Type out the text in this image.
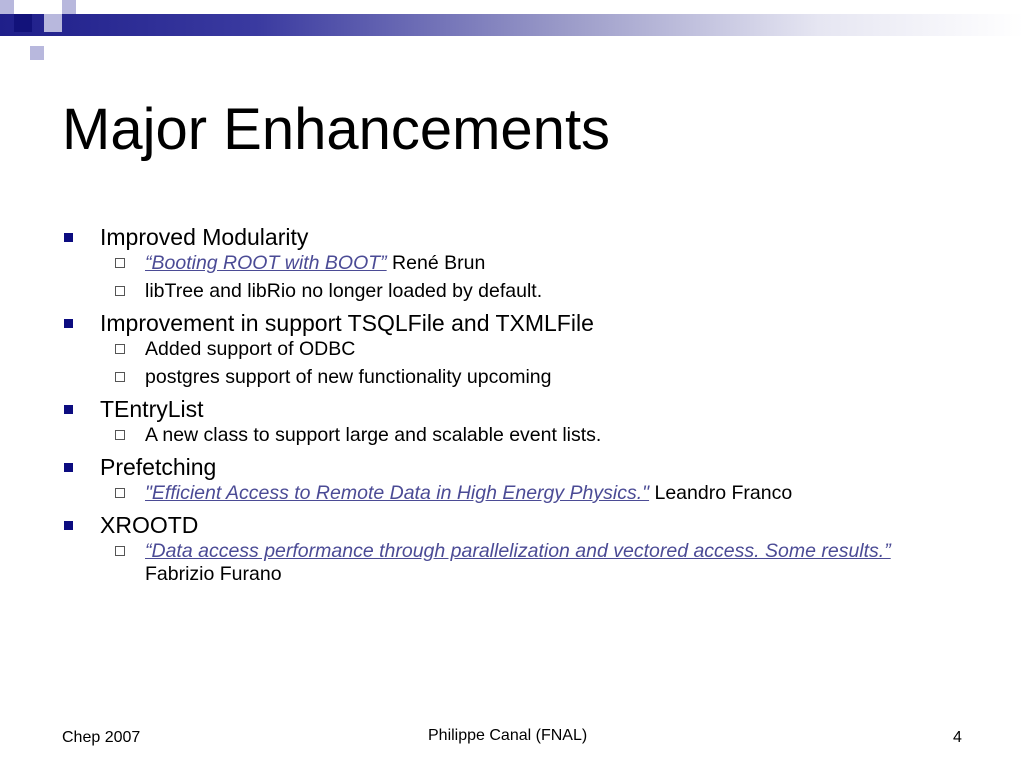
Major Enhancements
Improved Modularity
“Booting ROOT with BOOT” René Brun
libTree and libRio no longer loaded by default.
Improvement in support TSQLFile and TXMLFile
Added support of ODBC
postgres support of new functionality upcoming
TEntryList
A new class to support large and scalable event lists.
Prefetching
"Efficient Access to Remote Data in High Energy Physics." Leandro Franco
XROOTD
“Data access performance through parallelization and vectored access. Some results.” Fabrizio Furano
Chep 2007	Philippe Canal (FNAL)	4
